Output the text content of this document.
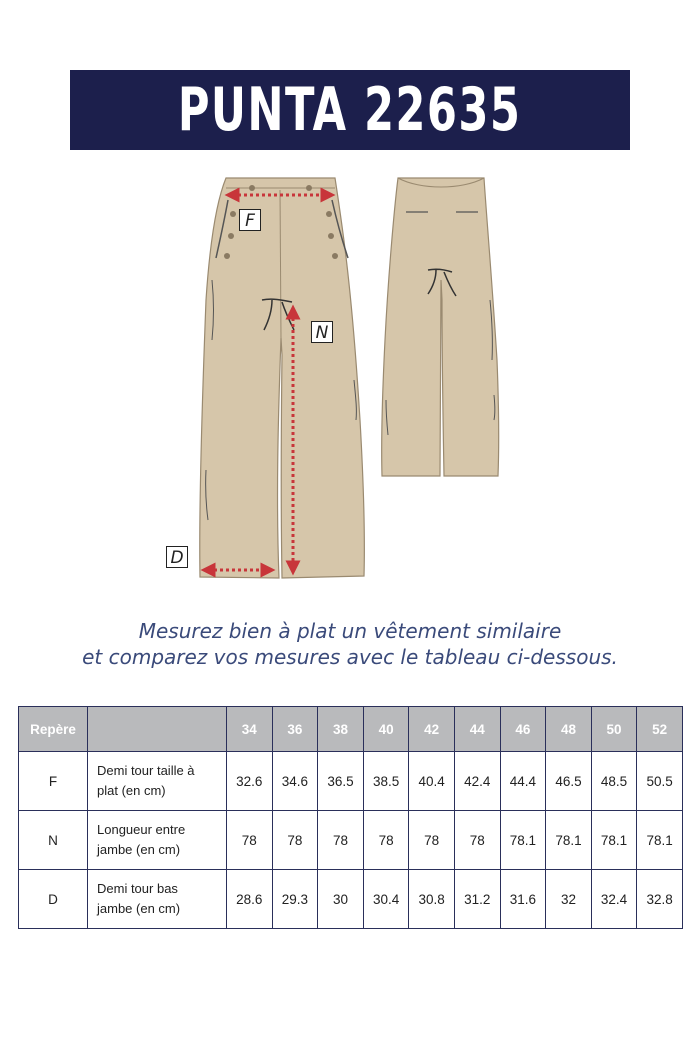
PUNTA 22635
F
N
D
Mesurez bien à plat un vêtement similaire
et comparez vos mesures avec le tableau ci-dessous.
Repère		34	36	38	40	42	44	46	48	50	52
F	Demi tour taille à
plat (en cm)	32.6	34.6	36.5	38.5	40.4	42.4	44.4	46.5	48.5	50.5
N	Longueur entre
jambe (en cm)	78	78	78	78	78	78	78.1	78.1	78.1	78.1
D	Demi tour bas
jambe (en cm)	28.6	29.3	30	30.4	30.8	31.2	31.6	32	32.4	32.8
